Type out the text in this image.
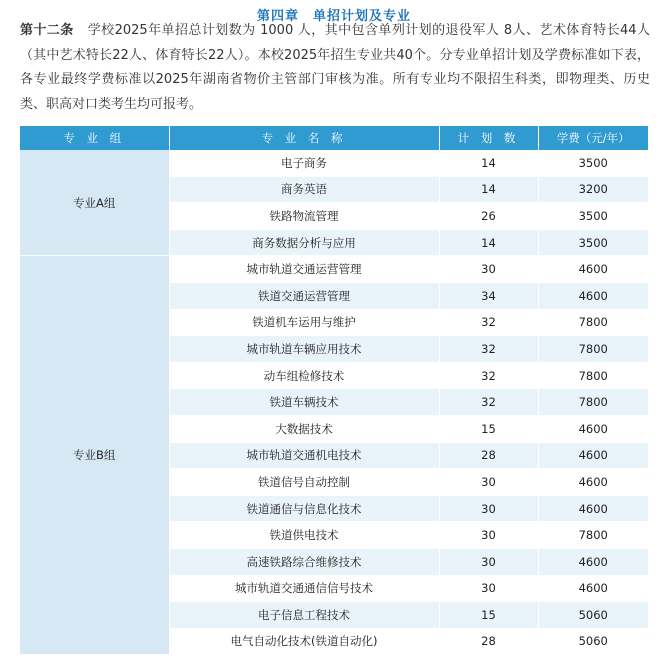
第四章　单招计划及专业
第十二条 学校2025年单招总计划数为 1000 人，其中包含单列计划的退役军人 8人、艺术体育特长44人（其中艺术特长22人、体育特长22人）。本校2025年招生专业共40个。分专业单招计划及学费标准如下表，各专业最终学费标准以2025年湖南省物价主管部门审核为准。所有专业均不限招生科类，即物理类、历史类、职高对口类考生均可报考。
专 业 组	专 业 名 称	计 划 数	学费（元/年）
专业A组	电子商务	14	3500
	商务英语	14	3200
	铁路物流管理	26	3500
	商务数据分析与应用	14	3500
专业B组	城市轨道交通运营管理	30	4600
	铁道交通运营管理	34	4600
	铁道机车运用与维护	32	7800
	城市轨道车辆应用技术	32	7800
	动车组检修技术	32	7800
	铁道车辆技术	32	7800
	大数据技术	15	4600
	城市轨道交通机电技术	28	4600
	铁道信号自动控制	30	4600
	铁道通信与信息化技术	30	4600
	铁道供电技术	30	7800
	高速铁路综合维修技术	30	4600
	城市轨道交通通信信号技术	30	4600
	电子信息工程技术	15	5060
	电气自动化技术(铁道自动化)	28	5060
